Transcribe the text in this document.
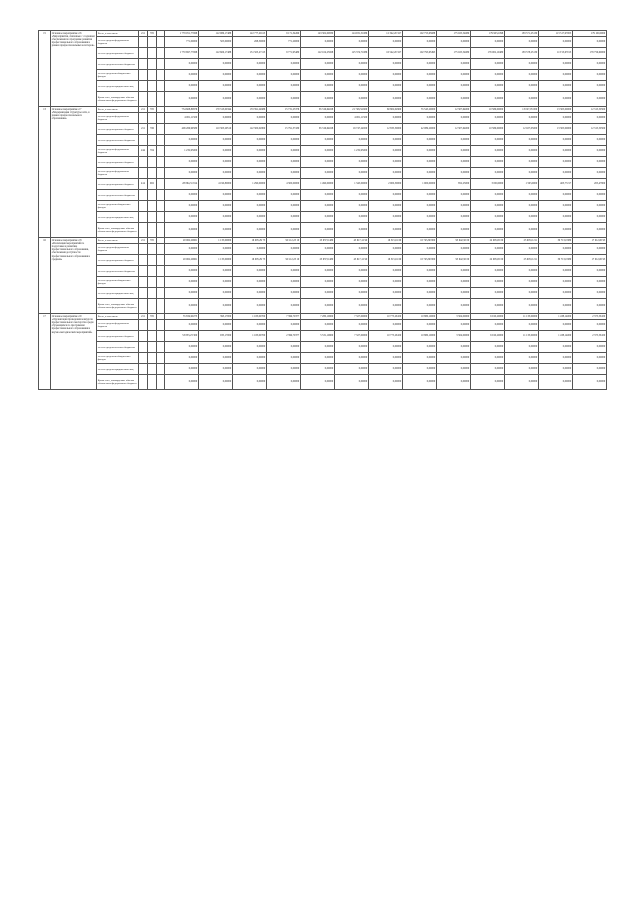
15	Основное мероприятие 2.6 «Мероприятия, связанные с созданием обеспечения по программе развития профессионального образования в рамках профессиональных кластеров»	Всего, в том числе:	211	705		1 778 051,77068	122 986,17488	122 777,29113	9 171,34260	143 302,00830	124 931,51086	12 342,20 327	102 755,63688	175 025,54080	179 903,1098	183 571,23130	113 517,97003	179 100,0000
		за счет средств федерального бюджета				771,00000	505,00000	268,30000	771,20000	0,00000	0,00000	0,00000	0,00000	0,00000	0,00000	0,00000	0,00000	0,00000
		за счет средств краевого бюджета				1 770 697,77068	122 606,17488	131 505,27113	9 771,95480	122 104,25828	125 374,71086	16 542,20 327	102 795,63495	175 025,54080	176 002,10480	183 578,23130	113 53,67013	179 756,60000
		за счет средств местных бюджетов				0,00000	0,00000	0,00000	0,00000	0,00000	0,00000	0,00000	0,00000	0,00000	0,00000	0,00000	0,00000	0,00000
		за счет средств внебюджетных фондов				0,00000	0,00000	0,00000	0,00000	0,00000	0,00000	0,00000	0,00000	0,00000	0,00000	0,00000	0,00000	0,00000
		за счет средств юридических лиц				0,00000	0,00000	0,00000	0,00000	0,00000	0,00000	0,00000	0,00000	0,00000	0,00000	0,00000	0,00000	0,00000
		Кроме того, планируемые объемы обязательств федерального бюджета				0,00000	0,00000	0,00000	0,00000	0,00000	0,00000	0,00000	0,00000	0,00000	0,00000	0,00000	0,00000	0,00000
13	Основное мероприятие 2.7 «Модернизация структуры сети, в рамках профессионального образования»	Всего, в том числе:	211	705		754 608,80976	170 313,00344	133 391,24986	15 731,23376	65 316,64028	21 748,34 600	60 802,02900	55 545,20000	12 307,64000	10 586,00000	13 027,05 000	13 305,00000	12 315,50500
		за счет средств федерального бюджета				4 001,11500	0,00000	0,00000	0,00000	0,00000	4 001,11500	0,00000	0,00000	0,00000	0,00000	0,00000	0,00000	0,00000
		за счет средств краевого бюджета	211	706		406 266,99580	110 303,29510	122 300,02800	15 791,37430	65 316,64028	16 747,24950	12 835,30000	42 089,20000	12 307,64000	10 586,00000	12 027,05000	13 305,00000	12 315,50500
		за счет средств местных бюджетов				0,00000	0,00000	0,00000	0,00000	0,00000	0,00000	0,00000	0,00000	0,00000	0,00000	0,00000	0,00000	0,00000
		за счет средств федерального бюджета	244	704		1 232,95000	0,00000	0,00000	0,00000	0,00000	1 232,95000	0,00000	0,00000	0,00000	0,00000	0,00000	0,00000	0,00000
		за счет средств краевого бюджета				0,00000	0,00000	0,00000	0,00000	0,00000	0,00000	0,00000	0,00000	0,00000	0,00000	0,00000	0,00000	0,00000
		за счет средств федерального бюджета				0,00000	0,00000	0,00000	0,00000	0,00000	0,00000	0,00000	0,00000	0,00000	0,00000	0,00000	0,00000	0,00000
		за счет средств краевого бюджета	414	902		28 864,31 814	4 190,80000	1 290,00000	4 300,00000	1 490,00000	1 345,00000	2 900,30000	1 900,00000	852,25000	3 000,0000	1 563,0000	403,77217	205,47800
		за счет средств местных бюджетов				0,00000	0,00000	0,00000	0,00000	0,00000	0,00000	0,00000	0,00000	0,00000	0,00000	0,00000	0,00000	0,00000
		за счет средств внебюджетных фондов				0,00000	0,00000	0,00000	0,00000	0,00000	0,00000	0,00000	0,00000	0,00000	0,00000	0,00000	0,00000	0,00000
		за счет средств юридических лиц				0,00000	0,00000	0,00000	0,00000	0,00000	0,00000	0,00000	0,00000	0,00000	0,00000	0,00000	0,00000	0,00000
		Кроме того, планируемые объемы обязательств федерального бюджета				0,00000	0,00000	0,00000	0,00000	0,00000	0,00000	0,00000	0,00000	0,00000	0,00000	0,00000	0,00000	0,00000
16	Основное мероприятие 2.8 «Реализация мероприятий по подготовке и развитию профессионального образования, обеспечения доступности профессионального образования в среднем»	Всего, в том числе:	211	705		20 062,20661	1 135,00000	16 005,29 73	90 112,23 10	25 937,9 480	45 617,12 90	16 315,61 60	10 745,80 800	95 942,50 00	22 095,65 00	25 905,6 211	30 713,0 880	17 012,00 93
		за счет средств федерального бюджета				0,00000	0,00000	0,00000	0,00000	0,00000	0,00000	0,00000	0,00000	0,00000	0,00000	0,00000	0,00000	0,00000
		за счет средств краевого бюджета				20 062,20661	1 135,00000	16 005,29 73	90 112,23 10	25 937,9 480	45 617,12 90	16 315,61 60	10 745,80 800	95 942,50 00	22 095,65 00	25 905,6 211	30 713,0 880	17 012,00 93
		за счет средств местных бюджетов				0,00000	0,00000	0,00000	0,00000	0,00000	0,00000	0,00000	0,00000	0,00000	0,00000	0,00000	0,00000	0,00000
		за счет средств внебюджетных фондов				0,00000	0,00000	0,00000	0,00000	0,00000	0,00000	0,00000	0,00000	0,00000	0,00000	0,00000	0,00000	0,00000
		за счет средств юридических лиц				0,00000	0,00000	0,00000	0,00000	0,00000	0,00000	0,00000	0,00000	0,00000	0,00000	0,00000	0,00000	0,00000
		Кроме того, планируемые объемы обязательств федерального бюджета				0,00000	0,00000	0,00000	0,00000	0,00000	0,00000	0,00000	0,00000	0,00000	0,00000	0,00000	0,00000	0,00000
17	Основное мероприятие 2.9 «Организация проведения конкурсов профессионального мастерства среди обучающихся по программам профессионального образования и научно-методических мероприятий»	Всего, в том числе:	211	705		55 834,90273	393,17000	1 183,00700	7 399,70377	7 280,10600	7 327,00000	10 775,26100	10 880,10000	3 304,00000	6 910,20000	11 133,00000	1 438,14000	2 375,56100
		за счет средств федерального бюджета				0,00000	0,00000	0,00000	0,00000	0,00000	0,00000	0,00000	0,00000	0,00000	0,00000	0,00000	0,00000	0,00000
		за счет средств краевого бюджета				53 833,23 300	935,17000	1 183,00700	2 399,70377	5 531,10600	7 327,00000	10 775,26100	10 880,10000	3 304,00000	6 910,20000	11 133,00000	1 438,14000	2 375,56100
		за счет средств местных бюджетов				0,00000	0,00000	0,00000	0,00000	0,00000	0,00000	0,00000	0,00000	0,00000	0,00000	0,00000	0,00000	0,00000
		за счет средств внебюджетных фондов				0,00000	0,00000	0,00000	0,00000	0,00000	0,00000	0,00000	0,00000	0,00000	0,00000	0,00000	0,00000	0,00000
		за счет средств юридических лиц				0,00000	0,00000	0,00000	0,00000	0,00000	0,00000	0,00000	0,00000	0,00000	0,00000	0,00000	0,00000	0,00000
		Кроме того, планируемые объемы обязательств федерального бюджета				0,00000	0,00000	0,00000	0,00000	0,00000	0,00000	0,00000	0,00000	0,00000	0,00000	0,00000	0,00000	0,00000
